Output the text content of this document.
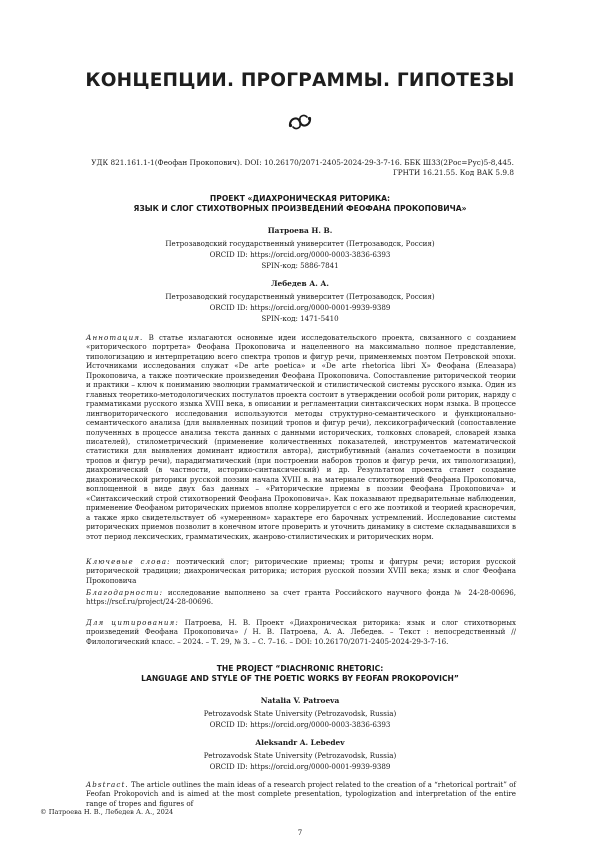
КОНЦЕПЦИИ. ПРОГРАММЫ. ГИПОТЕЗЫ
УДК 821.161.1-1(Феофан Прокопович). DOI: 10.26170/2071-2405-2024-29-3-7-16. ББК Ш33(2Рос=Рус)5-8,445.
ГРНТИ 16.21.55. Код ВАК 5.9.8
ПРОЕКТ «ДИАХРОНИЧЕСКАЯ РИТОРИКА:
ЯЗЫК И СЛОГ СТИХОТВОРНЫХ ПРОИЗВЕДЕНИЙ ФЕОФАНА ПРОКОПОВИЧА»
Патроева Н. В.
Петрозаводский государственный университет (Петрозаводск, Россия)
ORCID ID: https://orcid.org/0000-0003-3836-6393
SPIN-код: 5886-7841
Лебедев А. А.
Петрозаводский государственный университет (Петрозаводск, Россия)
ORCID ID: https://orcid.org/0000-0001-9939-9389
SPIN-код: 1471-5410
Аннотация. В статье излагаются основные идеи исследовательского проекта, связанного с созданием «риторического портрета» Феофана Прокоповича и нацеленного на максимально полное представление, типологизацию и интерпретацию всего спектра тропов и фигур речи, применяемых поэтом Петровской эпохи. Источниками исследования служат «De arte poetica» и «De arte rhetorica libri X» Феофана (Елеазара) Прокоповича, а также поэтические произведения Феофана Прокоповича. Сопоставление риторической теории и практики – ключ к пониманию эволюции грамматической и стилистической системы русского языка. Один из главных теоретико-методологических постулатов проекта состоит в утверждении особой роли риторик, наряду с грамматиками русского языка XVIII века, в описании и регламентации синтаксических норм языка. В процессе лингвориторического исследования используются методы структурно-семантического и функционально-семантического анализа (для выявленных позиций тропов и фигур речи), лексикографический (сопоставление полученных в процессе анализа текста данных с данными исторических, толковых словарей, словарей языка писателей), стилометрический (применение количественных показателей, инструментов математической статистики для выявления доминант идиостиля автора), дистрибутивный (анализ сочетаемости в позиции тропов и фигур речи), парадигматический (при построении наборов тропов и фигур речи, их типологизации), диахронический (в частности, историко-синтаксический) и др. Результатом проекта станет создание диахронической риторики русской поэзии начала XVIII в. на материале стихотворений Феофана Прокоповича, воплощенной в виде двух баз данных – «Риторические приемы в поэзии Феофана Прокоповича» и «Синтаксический строй стихотворений Феофана Прокоповича». Как показывают предварительные наблюдения, применение Феофаном риторических приемов вполне коррелируется с его же поэтикой и теорией красноречия, а также ярко свидетельствует об «умеренном» характере его барочных устремлений. Исследование системы риторических приемов позволит в конечном итоге проверить и уточнить динамику в системе складывавшихся в этот период лексических, грамматических, жанрово-стилистических и риторических норм.
Ключевые слова: поэтический слог; риторические приемы; тропы и фигуры речи; история русской риторической традиции; диахроническая риторика; история русской поэзии XVIII века; язык и слог Феофана Прокоповича
Благодарности: исследование выполнено за счет гранта Российского научного фонда № 24-28-00696, https://rscf.ru/project/24-28-00696.
Для цитирования: Патроева, Н. В. Проект «Диахроническая риторика: язык и слог стихотворных произведений Феофана Прокоповича» / Н. В. Патроева, А. А. Лебедев. – Текст : непосредственный // Филологический класс. – 2024. – Т. 29, № 3. – С. 7–16. – DOI: 10.26170/2071-2405-2024-29-3-7-16.
THE PROJECT “DIACHRONIC RHETORIC:
LANGUAGE AND STYLE OF THE POETIC WORKS BY FEOFAN PROKOPOVICH”
Natalia V. Patroeva
Petrozavodsk State University (Petrozavodsk, Russia)
ORCID ID: https://orcid.org/0000-0003-3836-6393
Aleksandr A. Lebedev
Petrozavodsk State University (Petrozavodsk, Russia)
ORCID ID: https://orcid.org/0000-0001-9939-9389
Abstract. The article outlines the main ideas of a research project related to the creation of a “rhetorical portrait” of Feofan Prokopovich and is aimed at the most complete presentation, typologization and interpretation of the entire range of tropes and figures of
© Патроева Н. В., Лебедев А. А., 2024
7
